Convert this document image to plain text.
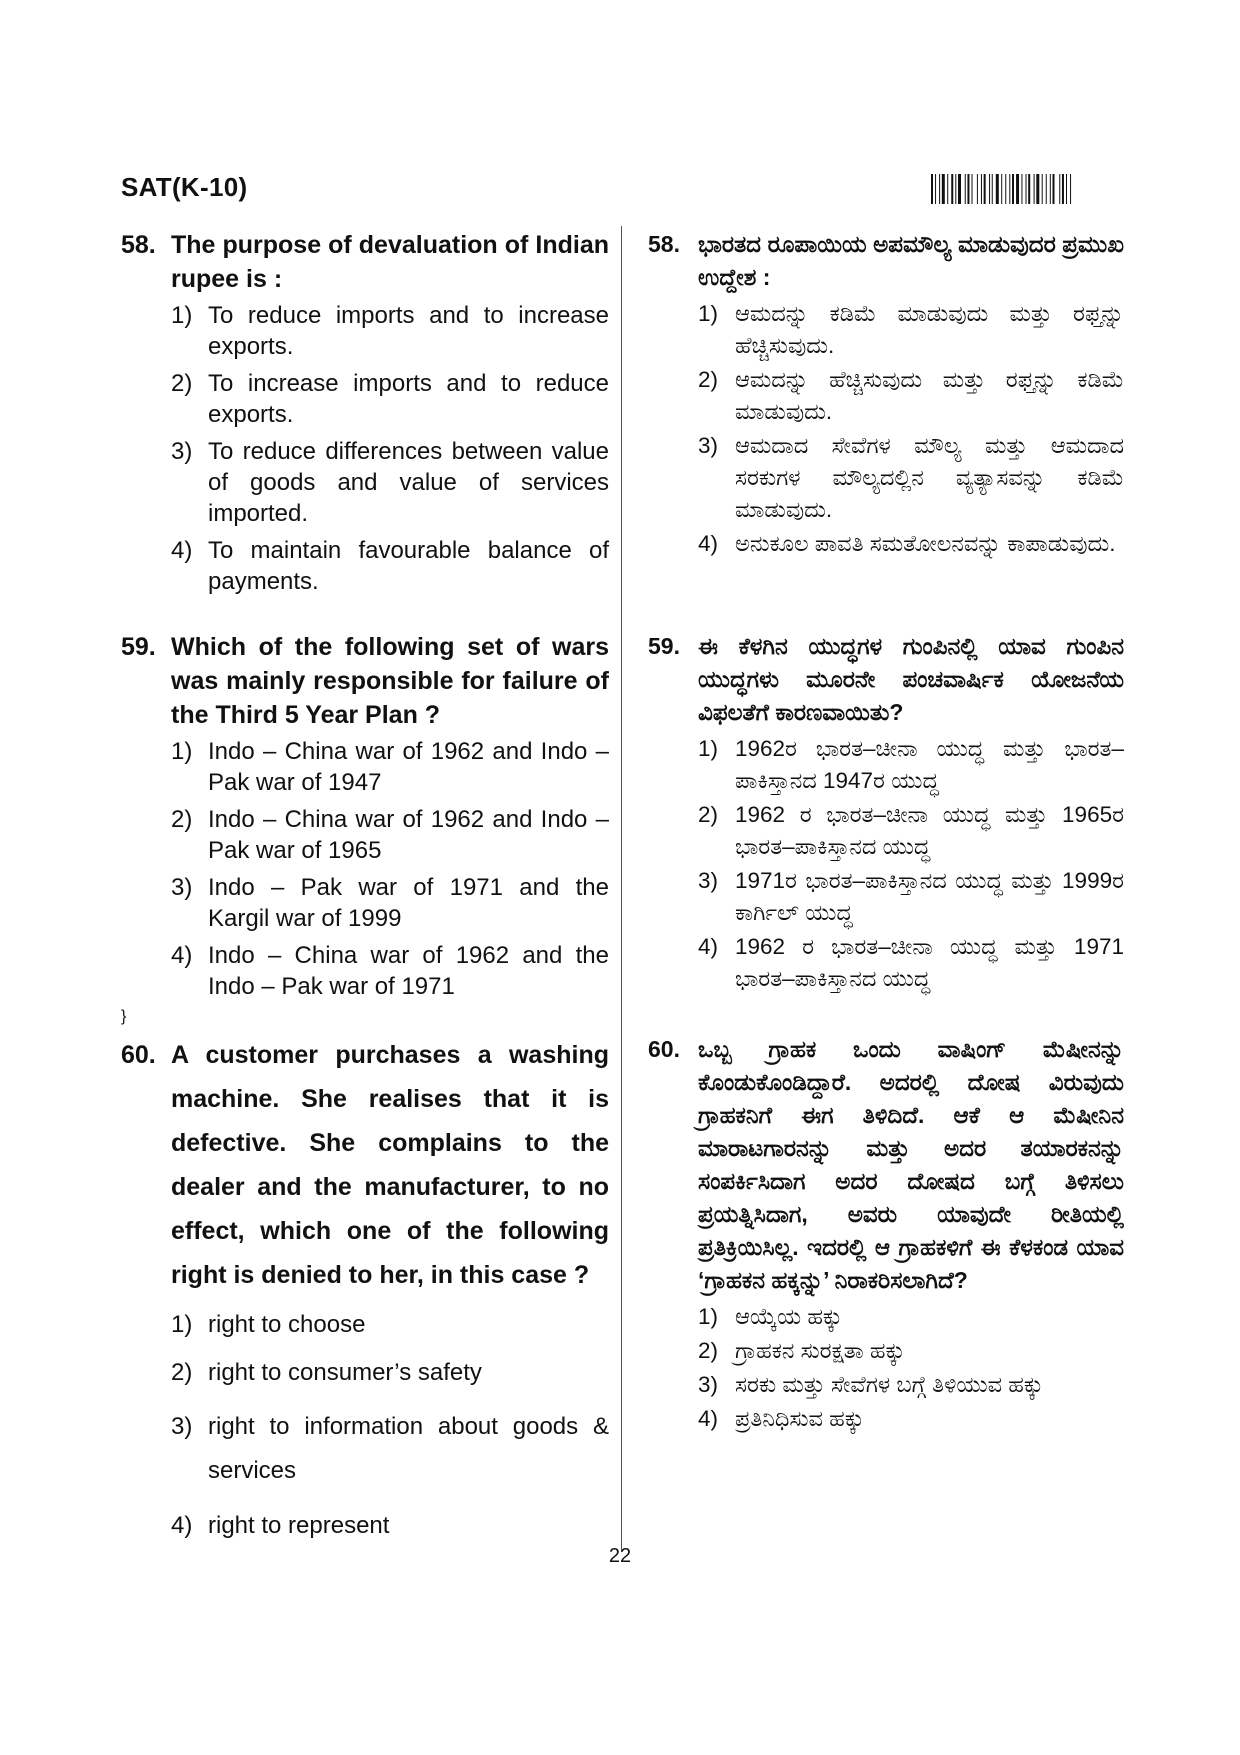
SAT(K-10)
58. The purpose of devaluation of Indian rupee is :
1) To reduce imports and to increase exports.
2) To increase imports and to reduce exports.
3) To reduce differences between value of goods and value of services imported.
4) To maintain favourable balance of payments.
59. Which of the following set of wars was mainly responsible for failure of the Third 5 Year Plan ?
1) Indo – China war of 1962 and Indo – Pak war of 1947
2) Indo – China war of 1962 and Indo – Pak war of 1965
3) Indo – Pak war of 1971 and the Kargil war of 1999
4) Indo – China war of 1962 and the Indo – Pak war of 1971
}
60. A customer purchases a washing machine. She realises that it is defective. She complains to the dealer and the manufacturer, to no effect, which one of the following right is denied to her, in this case ?
1) right to choose
2) right to consumer’s safety
3) right to information about goods & services
4) right to represent
58. ಭಾರತದ ರೂಪಾಯಿಯ ಅಪಮೌಲ್ಯ ಮಾಡುವುದರ ಪ್ರಮುಖ ಉದ್ದೇಶ :
1) ಆಮದನ್ನು ಕಡಿಮೆ ಮಾಡುವುದು ಮತ್ತು ರಫ್ತನ್ನು ಹೆಚ್ಚಿಸುವುದು.
2) ಆಮದನ್ನು ಹೆಚ್ಚಿಸುವುದು ಮತ್ತು ರಫ್ತನ್ನು ಕಡಿಮೆ ಮಾಡುವುದು.
3) ಆಮದಾದ ಸೇವೆಗಳ ಮೌಲ್ಯ ಮತ್ತು ಆಮದಾದ ಸರಕುಗಳ ಮೌಲ್ಯದಲ್ಲಿನ ವ್ಯತ್ಯಾಸವನ್ನು ಕಡಿಮೆ ಮಾಡುವುದು.
4) ಅನುಕೂಲ ಪಾವತಿ ಸಮತೋಲನವನ್ನು ಕಾಪಾಡುವುದು.
59. ಈ ಕೆಳಗಿನ ಯುದ್ಧಗಳ ಗುಂಪಿನಲ್ಲಿ ಯಾವ ಗುಂಪಿನ ಯುದ್ಧಗಳು ಮೂರನೇ ಪಂಚವಾರ್ಷಿಕ ಯೋಜನೆಯ ವಿಫಲತೆಗೆ ಕಾರಣವಾಯಿತು?
1) 1962ರ ಭಾರತ–ಚೀನಾ ಯುದ್ಧ ಮತ್ತು ಭಾರತ–ಪಾಕಿಸ್ತಾನದ 1947ರ ಯುದ್ಧ
2) 1962 ರ ಭಾರತ–ಚೀನಾ ಯುದ್ಧ ಮತ್ತು 1965ರ ಭಾರತ–ಪಾಕಿಸ್ತಾನದ ಯುದ್ಧ
3) 1971ರ ಭಾರತ–ಪಾಕಿಸ್ತಾನದ ಯುದ್ಧ ಮತ್ತು 1999ರ ಕಾರ್ಗಿಲ್ ಯುದ್ಧ
4) 1962 ರ ಭಾರತ–ಚೀನಾ ಯುದ್ಧ ಮತ್ತು 1971 ಭಾರತ–ಪಾಕಿಸ್ತಾನದ ಯುದ್ಧ
60. ಒಬ್ಬ ಗ್ರಾಹಕ ಒಂದು ವಾಷಿಂಗ್ ಮೆಷೀನನ್ನು ಕೊಂಡುಕೊಂಡಿದ್ದಾರೆ. ಅದರಲ್ಲಿ ದೋಷ ವಿರುವುದು ಗ್ರಾಹಕನಿಗೆ ಈಗ ತಿಳಿದಿದೆ. ಆಕೆ ಆ ಮೆಷೀನಿನ ಮಾರಾಟಗಾರನನ್ನು ಮತ್ತು ಅದರ ತಯಾರಕನನ್ನು ಸಂಪರ್ಕಿಸಿದಾಗ ಅದರ ದೋಷದ ಬಗ್ಗೆ ತಿಳಿಸಲು ಪ್ರಯತ್ನಿಸಿದಾಗ, ಅವರು ಯಾವುದೇ ರೀತಿಯಲ್ಲಿ ಪ್ರತಿಕ್ರಿಯಿಸಿಲ್ಲ. ಇದರಲ್ಲಿ ಆ ಗ್ರಾಹಕಳಿಗೆ ಈ ಕೆಳಕಂಡ ಯಾವ ‘ಗ್ರಾಹಕನ ಹಕ್ಕನ್ನು’ ನಿರಾಕರಿಸಲಾಗಿದೆ?
1) ಆಯ್ಕೆಯ ಹಕ್ಕು
2) ಗ್ರಾಹಕನ ಸುರಕ್ಷತಾ ಹಕ್ಕು
3) ಸರಕು ಮತ್ತು ಸೇವೆಗಳ ಬಗ್ಗೆ ತಿಳಿಯುವ ಹಕ್ಕು
4) ಪ್ರತಿನಿಧಿಸುವ ಹಕ್ಕು
22
